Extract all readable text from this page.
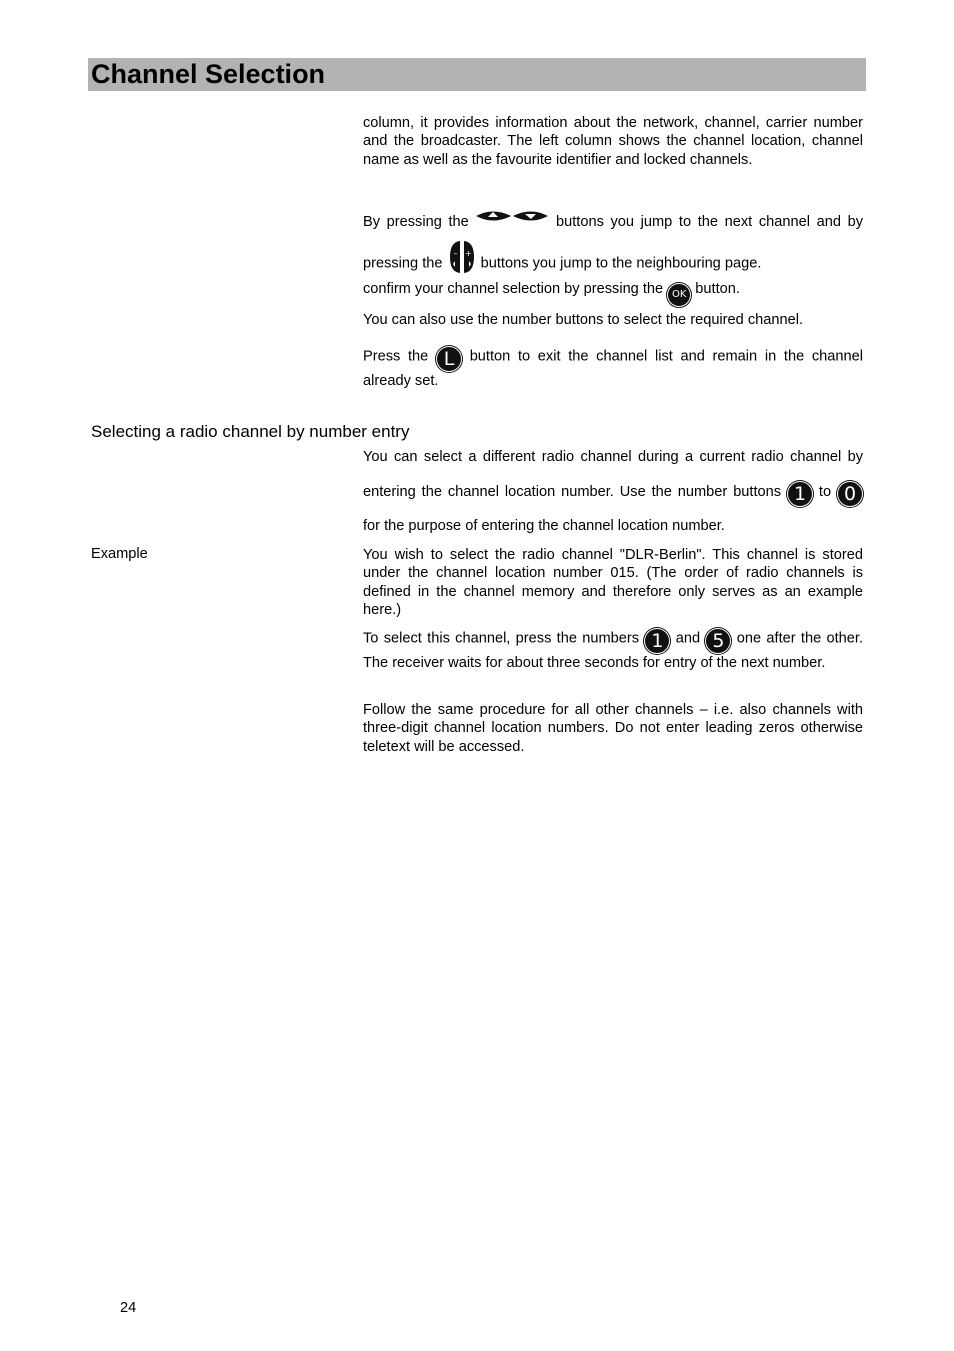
Channel Selection

column, it provides information about the network, channel, carrier number and the broadcaster. The left column shows the channel location, channel name as well as the favourite identifier and locked channels.

By pressing the	buttons you jump to the next channel and by pressing the
– +
buttons you jump to the neighbouring page.

confirm your channel selection by pressing the OK button.

You can also use the number buttons to select the required channel.

Press the L button to exit the channel list and remain in the channel already set.

Selecting a radio channel by number entry

You can select a different radio channel during a current radio channel by entering the channel location number. Use the number buttons 1 to 0 for the purpose of entering the channel location number.

Example	You wish to select the radio channel "DLR-Berlin". This channel is stored under the channel location number 015. (The order of radio channels is defined in the channel memory and therefore only serves as an example here.)

To select this channel, press the numbers 1 and 5 one after the other. The receiver waits for about three seconds for entry of the next number.

Follow the same procedure for all other channels – i.e. also channels with three-digit channel location numbers. Do not enter leading zeros otherwise teletext will be accessed.

24
